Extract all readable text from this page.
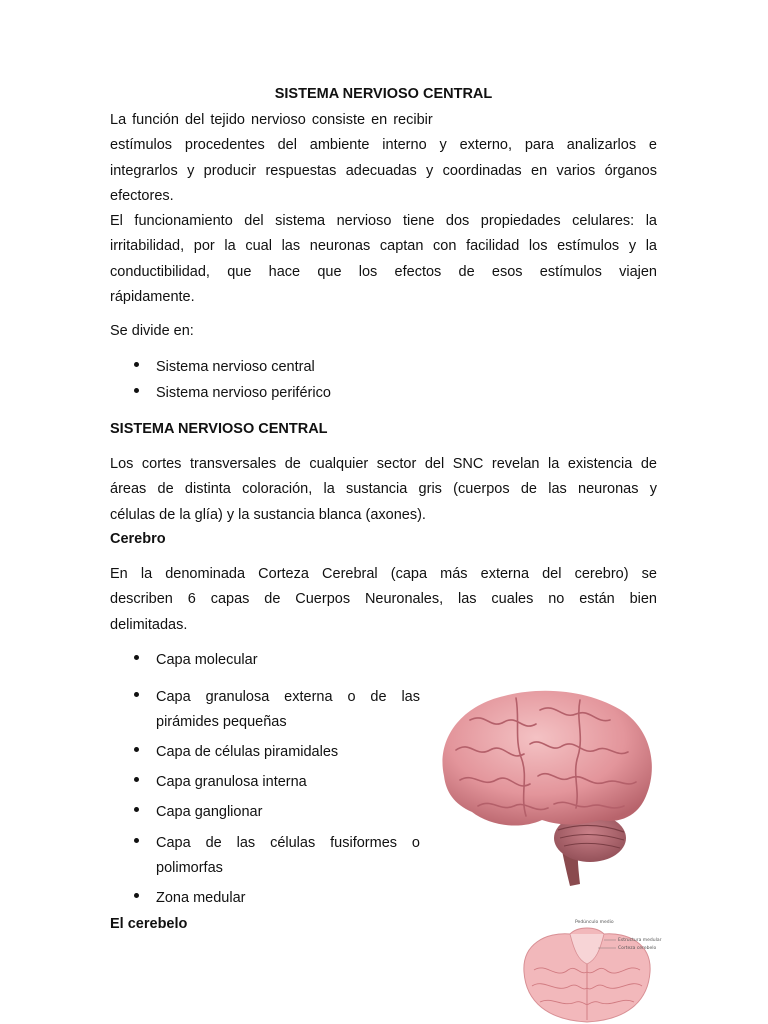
SISTEMA NERVIOSO CENTRAL
La función del tejido nervioso consiste en recibir
estímulos procedentes del ambiente interno y externo, para analizarlos e
integrarlos y producir respuestas adecuadas y coordinadas en varios órganos
efectores.
El funcionamiento del sistema nervioso tiene dos propiedades celulares: la
irritabilidad, por la cual las neuronas captan con facilidad los estímulos y la
conductibilidad, que hace que los efectos de esos estímulos viajen
rápidamente.
Se divide en:
Sistema nervioso central
Sistema nervioso periférico
SISTEMA NERVIOSO CENTRAL
Los cortes transversales de cualquier sector del SNC revelan la existencia de
áreas de distinta coloración, la sustancia gris (cuerpos de las neuronas y
células de la glía) y la sustancia blanca (axones).
Cerebro
En la denominada Corteza Cerebral (capa más externa del cerebro) se
describen 6 capas de Cuerpos Neuronales, las cuales no están bien
delimitadas.
Capa molecular
Capa granulosa externa o de las
pirámides pequeñas
Capa de células piramidales
Capa granulosa interna
Capa ganglionar
Capa de las células fusiformes o
polimorfas
Zona medular
El cerebelo	Pedúnculo medio
Estructura medular
Corteza cerebelo
